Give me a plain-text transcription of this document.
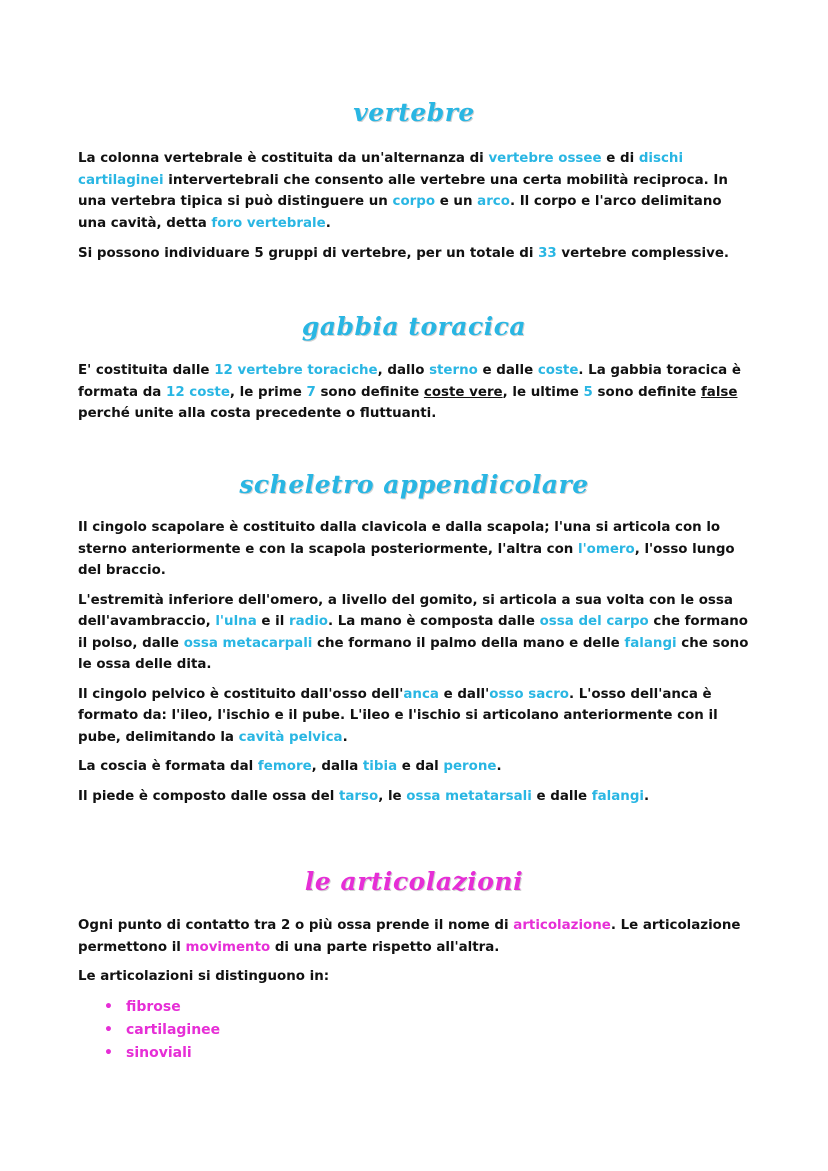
vertebre

La colonna vertebrale è costituita da un'alternanza di vertebre ossee e di dischi cartilaginei intervertebrali che consento alle vertebre una certa mobilità reciproca. In una vertebra tipica si può distinguere un corpo e un arco. Il corpo e l'arco delimitano una cavità, detta foro vertebrale.

Si possono individuare 5 gruppi di vertebre, per un totale di 33 vertebre complessive.

gabbia toracica

E' costituita dalle 12 vertebre toraciche, dallo sterno e dalle coste. La gabbia toracica è formata da 12 coste, le prime 7 sono definite coste vere, le ultime 5 sono definite false perché unite alla costa precedente o fluttuanti.

scheletro appendicolare

Il cingolo scapolare è costituito dalla clavicola e dalla scapola; l'una si articola con lo sterno anteriormente e con la scapola posteriormente, l'altra con l'omero, l'osso lungo del braccio.

L'estremità inferiore dell'omero, a livello del gomito, si articola a sua volta con le ossa dell'avambraccio, l'ulna e il radio. La mano è composta dalle ossa del carpo che formano il polso, dalle ossa metacarpali che formano il palmo della mano e delle falangi che sono le ossa delle dita.

Il cingolo pelvico è costituito dall'osso dell'anca e dall'osso sacro. L'osso dell'anca è formato da: l'ileo, l'ischio e il pube. L'ileo e l'ischio si articolano anteriormente con il pube, delimitando la cavità pelvica.

La coscia è formata dal femore, dalla tibia e dal perone.

Il piede è composto dalle ossa del tarso, le ossa metatarsali e dalle falangi.

le articolazioni

Ogni punto di contatto tra 2 o più ossa prende il nome di articolazione. Le articolazione permettono il movimento di una parte rispetto all'altra.

Le articolazioni si distinguono in:

• fibrose
• cartilaginee
• sinoviali
